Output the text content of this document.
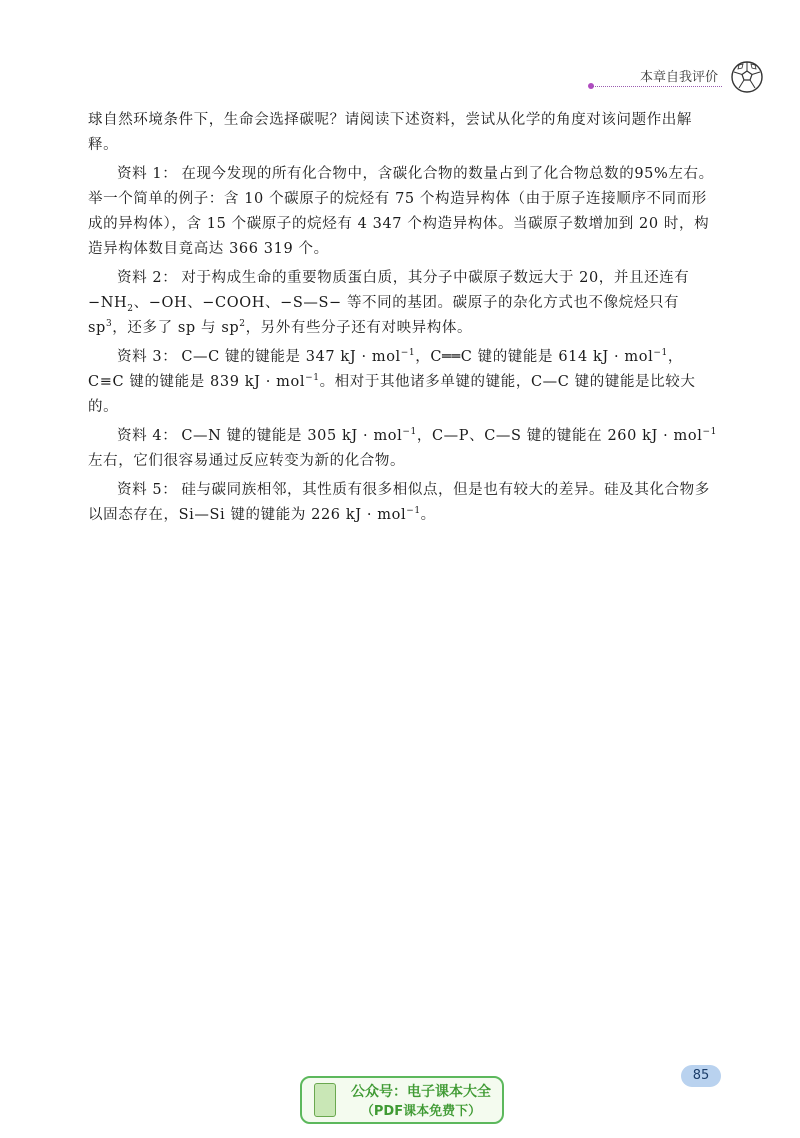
本章自我评价

球自然环境条件下，生命会选择碳呢？请阅读下述资料，尝试从化学的角度对该问题作出解释。

资料 1： 在现今发现的所有化合物中，含碳化合物的数量占到了化合物总数的95%左右。举一个简单的例子：含 10 个碳原子的烷烃有 75 个构造异构体（由于原子连接顺序不同而形成的异构体），含 15 个碳原子的烷烃有 4 347 个构造异构体。当碳原子数增加到 20 时，构造异构体数目竟高达 366 319 个。

资料 2： 对于构成生命的重要物质蛋白质，其分子中碳原子数远大于 20，并且还连有 $-NH_2$、−OH、−COOH、−S—S− 等不同的基团。碳原子的杂化方式也不像烷烃只有 $sp^3$，还多了 sp 与 $sp^2$，另外有些分子还有对映异构体。

资料 3： C—C 键的键能是 347 kJ · mol$^{-1}$，C══C 键的键能是 614 kJ · mol$^{-1}$，C≡C 键的键能是 839 kJ · mol$^{-1}$。相对于其他诸多单键的键能，C—C 键的键能是比较大的。

资料 4： C—N 键的键能是 305 kJ · mol$^{-1}$，C—P、C—S 键的键能在 260 kJ · mol$^{-1}$ 左右，它们很容易通过反应转变为新的化合物。

资料 5： 硅与碳同族相邻，其性质有很多相似点，但是也有较大的差异。硅及其化合物多以固态存在，Si—Si 键的键能为 226 kJ · mol$^{-1}$。

85
公众号：电子课本大全
（PDF课本免费下）
